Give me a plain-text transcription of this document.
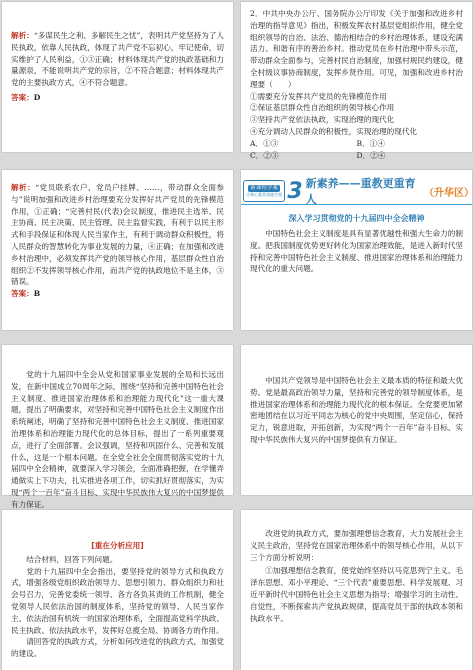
解析：“多谋民生之利、多解民生之忧”，表明共产党坚持为了人民执政，依靠人民执政，体现了共产党不忘初心，牢记使命，切实维护了人民利益，①③正确；材料体现共产党的执政基础和力量源泉，不能说明共产党的宗旨，②不符合题意；材料体现共产党的主要执政方式，④不符合题意。
答案：D
2．中共中央办公厅、国务院办公厅印发《关于加强和改进乡村治理的指导意见》指出，积极发挥农村基层党组织作用，健全党组织领导的自治、法治、德治相结合的乡村治理体系，建设充满活力、和谐有序的善治乡村。推动党员在乡村治理中带头示范，带动群众全面参与，完善村民自治制度，加强村规民约建设，健全村级议事协商制度，发挥乡贤作用。可见，加强和改进乡村治理要（　　）
①需要充分发挥共产党员的先锋模范作用
②保证基层群众性自治组织的领导核心作用
③坚持共产党依法执政，实现治理的现代化
④充分调动人民群众的积极性，实现治理的现代化
A．①③	B．①④
C．②③	D．②④
解析：“党员联系农户、党员户挂牌、……，带动群众全面参与”说明加强和改进乡村治理要充分发挥好共产党员的先锋模范作用，①正确；“完善村民(代表)会议制度，推进民主选举、民主协商、民主决策、民主管理、民主监督实践，有利于以民主形式和手段保证和体现人民当家作主，有利于调动群众积极性，将人民群众的智慧转化为事业发展的力量，④正确；在加强和改进乡村治理中，必须发挥共产党的领导核心作用，基层群众性自治组织②不发挥领导核心作用，而共产党的执政地位不是主体，③错误。
答案：B
新课程学案
让核心素养落地生根 3 新素养——重教更重育人	（升华区）
深入学习贯彻党的十九届四中全会精神
中国特色社会主义制度是具有显著优越性和强大生命力的制度。把我国制度优势更好转化为国家治理效能，是进入新时代坚持和完善中国特色社会主义制度、推进国家治理体系和治理能力现代化的重大问题。
党的十九届四中全会从党和国家事业发展的全局和长远出发，在新中国成立70周年之际，围绕“坚持和完善中国特色社会主义制度、推进国家治理体系和治理能力现代化”这一重大课题，提出了明确要求，对坚持和完善中国特色社会主义制度作出系统阐述，明确了坚持和完善中国特色社会主义制度、推进国家治理体系和治理能力现代化的总体目标，提出了一系列重要观点，进行了全面部署。会议强调，坚持和巩固什么、完善和发展什么，这是一个根本问题。在全党全社会全面贯彻落实党的十九届四中全会精神，就要深入学习领会，全面准确把握，在学懂弄通做实上下功夫，扎实推进各项工作，切实抓好贯彻落实，为实现“两个一百年”奋斗目标、实现中华民族伟大复兴的中国梦提供有力保证。
中国共产党领导是中国特色社会主义最本质的特征和最大优势。党是最高政治领导力量，坚持和完善党的领导制度体系，是推进国家治理体系和治理能力现代化的根本保证。全党要更加紧密地团结在以习近平同志为核心的党中央周围，坚定信心，保持定力，锐意进取，开拓创新，为实现“两个一百年”奋斗目标、实现中华民族伟大复兴的中国梦提供有力保证。
[重在分析应用]
结合材料，回答下列问题。
党的十九届四中全会指出，要坚持党的领导方式和执政方式，增强各级党组织政治领导力、思想引领力、群众组织力和社会号召力，完善党委统一领导、各方各负其责的工作机制，健全党领导人民依法治国的制度体系，坚持党的领导、人民当家作主、依法治国有机统一的国家治理体系，全面提高党科学执政、民主执政、依法执政水平，发挥好总揽全局、协调各方的作用。
请回答党的执政方式，分析如何改进党的执政方式，加强党的建设。
改进党的执政方式，要加强理想信念教育，大力发展社会主义民主政治，坚持党在国家治理体系中的领导核心作用，从以下三个方面分析说明：
①加强理想信念教育，使党始终坚持以马克思列宁主义、毛泽东思想、邓小平理论、“三个代表”重要思想、科学发展观、习近平新时代中国特色社会主义思想为指导；增强学习的主动性、自觉性，不断探索共产党执政规律，提高党员干部的执政本领和执政水平。
